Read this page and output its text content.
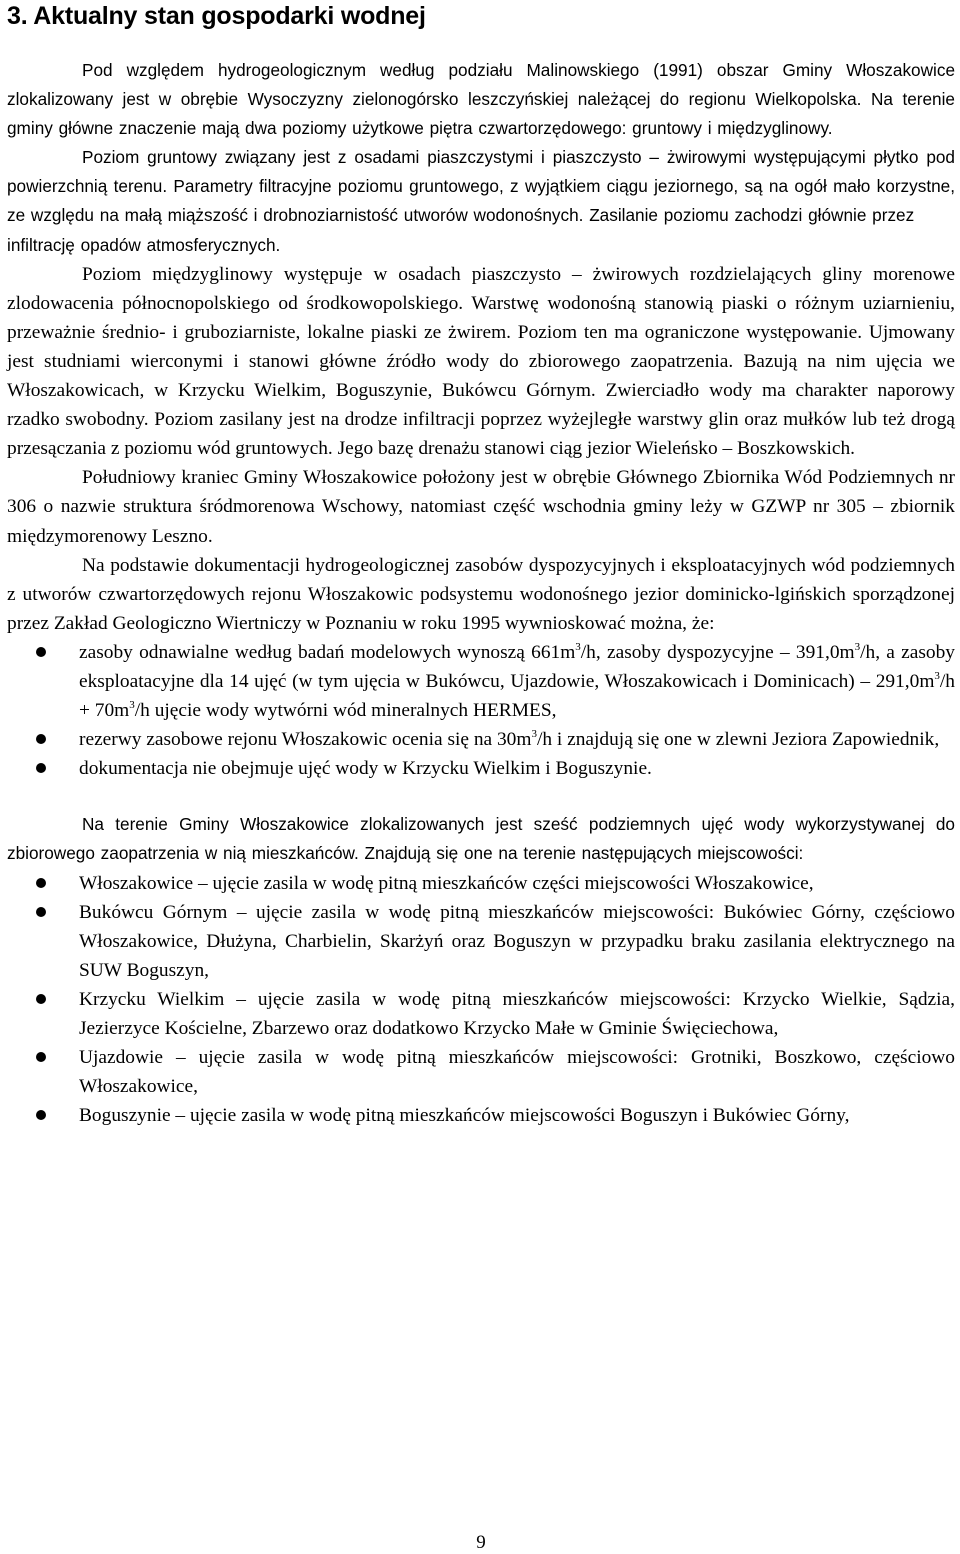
3. Aktualny stan gospodarki wodnej

Pod względem hydrogeologicznym według podziału Malinowskiego (1991) obszar Gminy Włoszakowice zlokalizowany jest w obrębie Wysoczyzny zielonogórsko leszczyńskiej należącej do regionu Wielkopolska. Na terenie gminy główne znaczenie mają dwa poziomy użytkowe piętra czwartorzędowego: gruntowy i międzyglinowy.

Poziom gruntowy związany jest z osadami piaszczystymi i piaszczysto – żwirowymi występującymi płytko pod powierzchnią terenu. Parametry filtracyjne poziomu gruntowego, z wyjątkiem ciągu jeziornego, są na ogół mało korzystne, ze względu na małą miąższość i drobnoziarnistość utworów wodonośnych. Zasilanie poziomu zachodzi głównie przez

infiltrację opadów atmosferycznych.

Poziom międzyglinowy występuje w osadach piaszczysto – żwirowych rozdzielających gliny morenowe zlodowacenia północnopolskiego od środkowopolskiego. Warstwę wodonośną stanowią piaski o różnym uziarnieniu, przeważnie średnio- i gruboziarniste, lokalne piaski ze żwirem. Poziom ten ma ograniczone występowanie. Ujmowany jest studniami wierconymi i stanowi główne źródło wody do zbiorowego zaopatrzenia. Bazują na nim ujęcia we Włoszakowicach, w Krzycku Wielkim, Boguszynie, Bukówcu Górnym. Zwierciadło wody ma charakter naporowy rzadko swobodny. Poziom zasilany jest na drodze infiltracji poprzez wyżejległe warstwy glin oraz mułków lub też drogą przesączania z poziomu wód gruntowych. Jego bazę drenażu stanowi ciąg jezior Wieleńsko – Boszkowskich.

Południowy kraniec Gminy Włoszakowice położony jest w obrębie Głównego Zbiornika Wód Podziemnych nr 306 o nazwie struktura śródmorenowa Wschowy, natomiast część wschodnia gminy leży w GZWP nr 305 – zbiornik międzymorenowy Leszno.

Na podstawie dokumentacji hydrogeologicznej zasobów dyspozycyjnych i eksploatacyjnych wód podziemnych z utworów czwartorzędowych rejonu Włoszakowic podsystemu wodonośnego jezior dominicko-lgińskich sporządzonej przez Zakład Geologiczno Wiertniczy w Poznaniu w roku 1995 wywnioskować można, że:

zasoby odnawialne według badań modelowych wynoszą $661m^3/h$, zasoby dyspozycyjne – $391,0m^3/h$, a zasoby eksploatacyjne dla 14 ujęć (w tym ujęcia w Bukówcu, Ujazdowie, Włoszakowicach i Dominicach) – $291,0m^3/h + 70m^3/h$ ujęcie wody wytwórni wód mineralnych HERMES,
rezerwy zasobowe rejonu Włoszakowic ocenia się na $30m^3/h$ i znajdują się one w zlewni Jeziora Zapowiednik,
dokumentacja nie obejmuje ujęć wody w Krzycku Wielkim i Boguszynie.

Na terenie Gminy Włoszakowice zlokalizowanych jest sześć podziemnych ujęć wody wykorzystywanej do zbiorowego zaopatrzenia w nią mieszkańców. Znajdują się one na terenie następujących miejscowości:

Włoszakowice – ujęcie zasila w wodę pitną mieszkańców części miejscowości Włoszakowice,
Bukówcu Górnym – ujęcie zasila w wodę pitną mieszkańców miejscowości: Bukówiec Górny, częściowo Włoszakowice, Dłużyna, Charbielin, Skarżyń oraz Boguszyn w przypadku braku zasilania elektrycznego na SUW Boguszyn,
Krzycku Wielkim – ujęcie zasila w wodę pitną mieszkańców miejscowości: Krzycko Wielkie, Sądzia, Jezierzyce Kościelne, Zbarzewo oraz dodatkowo Krzycko Małe w Gminie Święciechowa,
Ujazdowie – ujęcie zasila w wodę pitną mieszkańców miejscowości: Grotniki, Boszkowo, częściowo Włoszakowice,
Boguszynie – ujęcie zasila w wodę pitną mieszkańców miejscowości Boguszyn i Bukówiec Górny,
9
